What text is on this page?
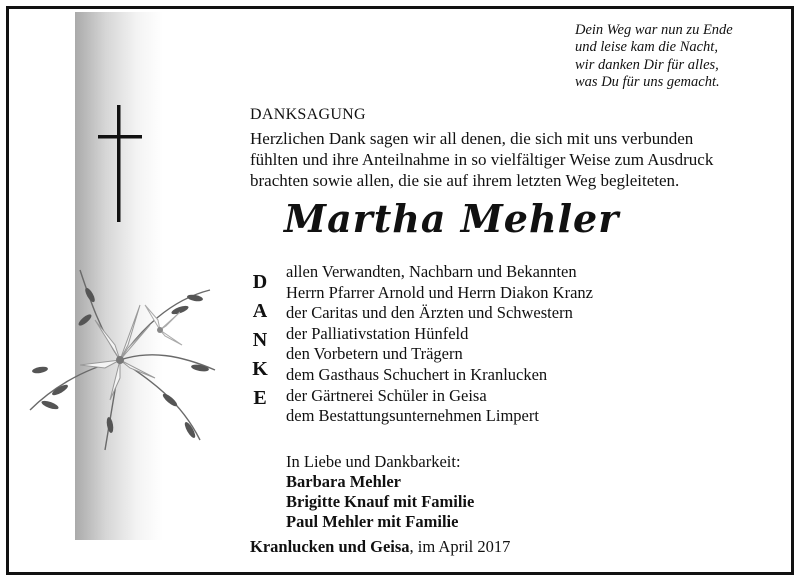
Dein Weg war nun zu Ende
und leise kam die Nacht,
wir danken Dir für alles,
was Du für uns gemacht.
DANKSAGUNG
Herzlichen Dank sagen wir all denen, die sich mit uns verbunden
fühlten und ihre Anteilnahme in so vielfältiger Weise zum Ausdruck
brachten sowie allen, die sie auf ihrem letzten Weg begleiteten.
Martha Mehler
D
A
N
K
E
allen Verwandten, Nachbarn und Bekannten
Herrn Pfarrer Arnold und Herrn Diakon Kranz
der Caritas und den Ärzten und Schwestern
der Palliativstation Hünfeld
den Vorbetern und Trägern
dem Gasthaus Schuchert in Kranlucken
der Gärtnerei Schüler in Geisa
dem Bestattungsunternehmen Limpert
In Liebe und Dankbarkeit:
Barbara Mehler
Brigitte Knauf mit Familie
Paul Mehler mit Familie
Kranlucken und Geisa, im April 2017
